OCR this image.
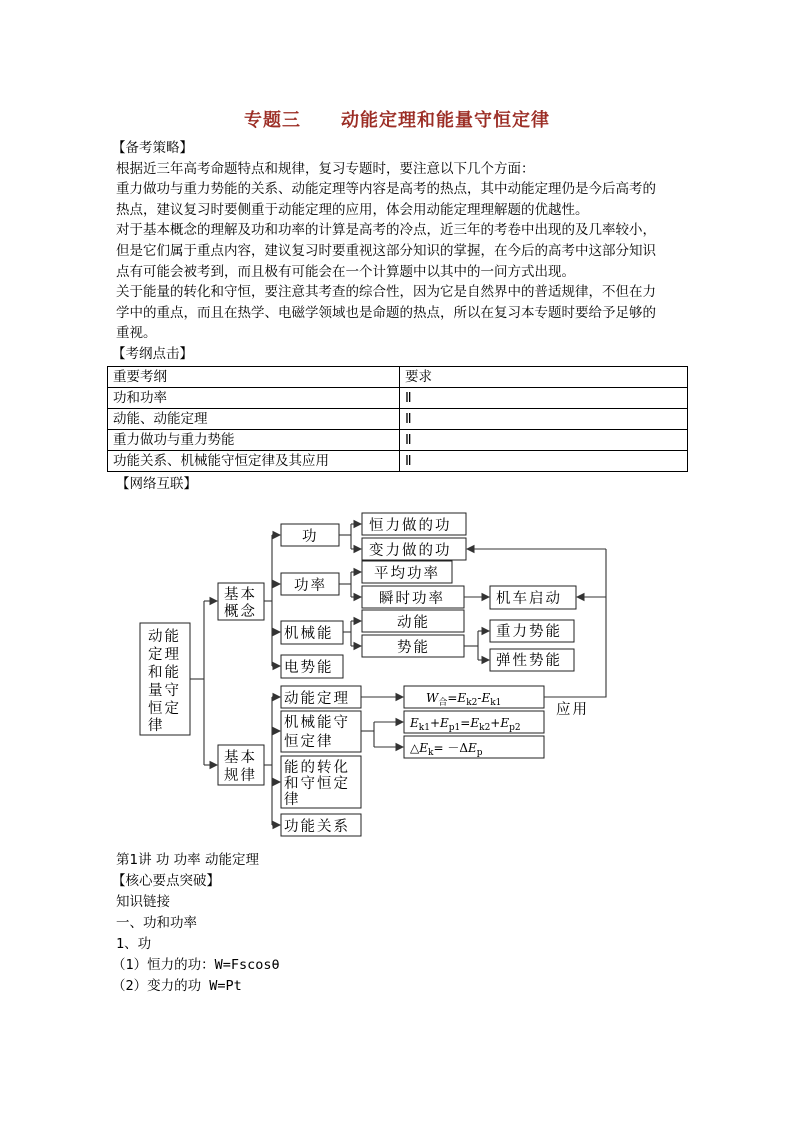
专题三 动能定理和能量守恒定律
【备考策略】
根据近三年高考命题特点和规律，复习专题时，要注意以下几个方面：
重力做功与重力势能的关系、动能定理等内容是高考的热点，其中动能定理仍是今后高考的
热点，建议复习时要侧重于动能定理的应用，体会用动能定理理解题的优越性。
对于基本概念的理解及功和功率的计算是高考的冷点，近三年的考卷中出现的及几率较小，
但是它们属于重点内容，建议复习时要重视这部分知识的掌握，在今后的高考中这部分知识
点有可能会被考到，而且极有可能会在一个计算题中以其中的一问方式出现。
关于能量的转化和守恒，要注意其考查的综合性，因为它是自然界中的普适规律，不但在力
学中的重点，而且在热学、电磁学领域也是命题的热点，所以在复习本专题时要给予足够的
重视。
【考纲点击】
重要考纲	要求
功和功率	Ⅱ
动能、动能定理	Ⅱ
重力做功与重力势能	Ⅱ
功能关系、机械能守恒定律及其应用	Ⅱ
【网络互联】
动能
定理
和能
量守
恒定
律
基本
概念
基本
规律
功
功率
机械能
电势能
恒力做的功
变力做的功
平均功率
瞬时功率
动能
势能
机车启动
重力势能
弹性势能
动能定理
机械能守
恒定律
能的转化
和守恒定
律
功能关系
$W_合=E_{k2}-E_{k1}$
$E_{k1}+E_{p1}=E_{k2}+E_{p2}$
$\triangle E_k= -\Delta E_p$
应用
第1讲 功 功率 动能定理
【核心要点突破】
知识链接
一、功和功率
1、功
（1）恒力的功：W=Fscosθ
（2）变力的功 W=Pt
